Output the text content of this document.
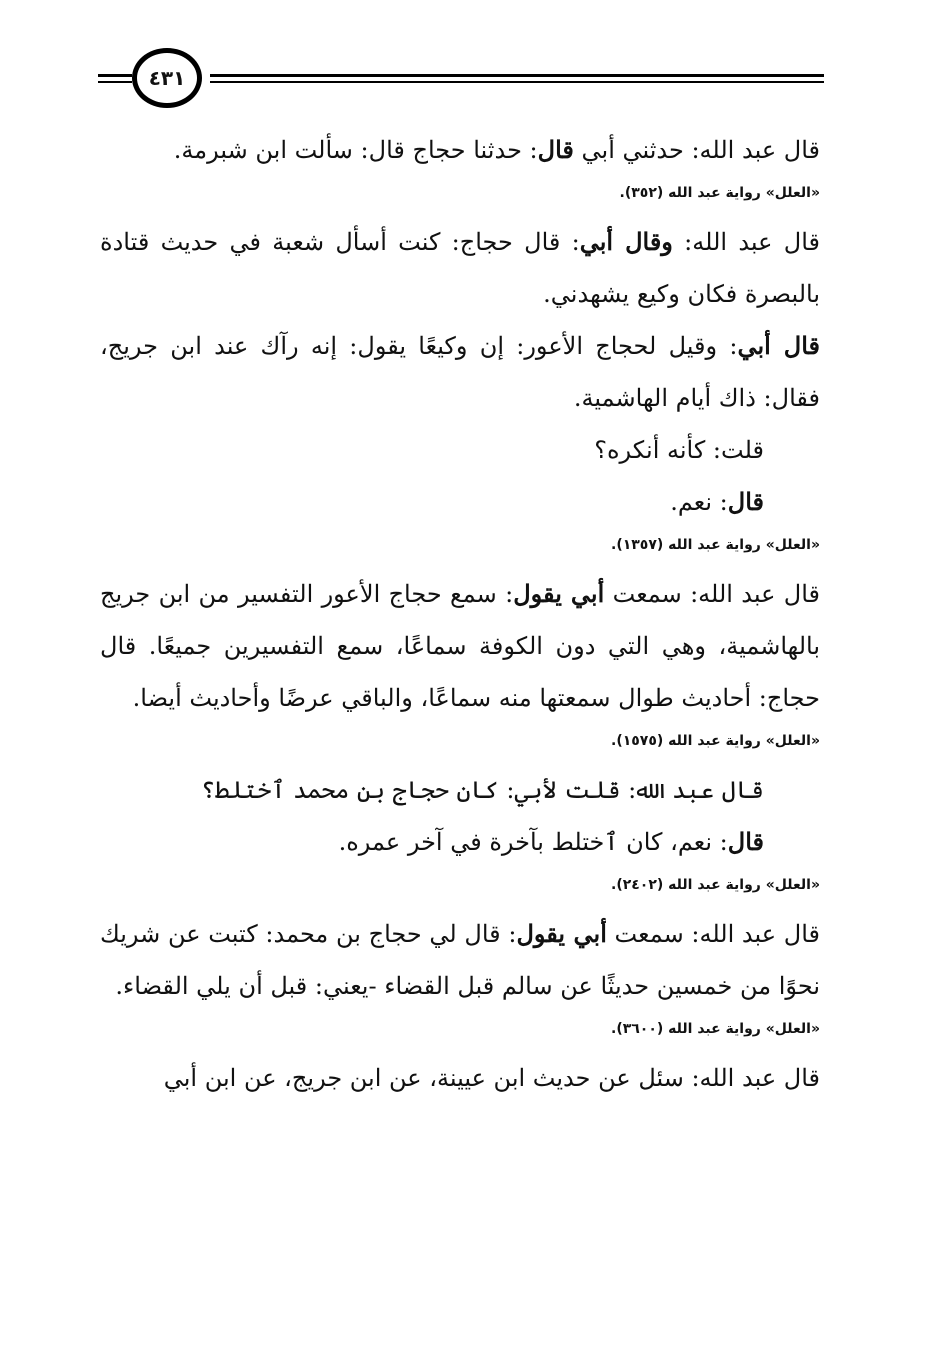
٤٣١

قال عبد الله: حدثني أبي قال: حدثنا حجاج قال: سألت ابن شبرمة.

«العلل» رواية عبد الله (٣٥٢).

قال عبد الله: وقال أبي: قال حجاج: كنت أسأل شعبة في حديث قتادة بالبصرة فكان وكيع يشهدني.

قال أبي: وقيل لحجاج الأعور: إن وكيعًا يقول: إنه رآك عند ابن جريج، فقال: ذاك أيام الهاشمية.

قلت: كأنه أنكره؟

قال: نعم.

«العلل» رواية عبد الله (١٣٥٧).

قال عبد الله: سمعت أبي يقول: سمع حجاج الأعور التفسير من ابن جريج بالهاشمية، وهي التي دون الكوفة سماعًا، سمع التفسيرين جميعًا. قال حجاج: أحاديث طوال سمعتها منه سماعًا، والباقي عرضًا وأحاديث أيضا.

«العلل» رواية عبد الله (١٥٧٥).

قال عبد الله: قلت لأبي: كان حجاج بن محمد ٱختلط؟

قال: نعم، كان ٱختلط بآخرة في آخر عمره.

«العلل» رواية عبد الله (٢٤٠٢).

قال عبد الله: سمعت أبي يقول: قال لي حجاج بن محمد: كتبت عن شريك نحوًا من خمسين حديثًا عن سالم قبل القضاء -يعني: قبل أن يلي القضاء.

«العلل» رواية عبد الله (٣٦٠٠).

قال عبد الله: سئل عن حديث ابن عيينة، عن ابن جريج، عن ابن أبي
